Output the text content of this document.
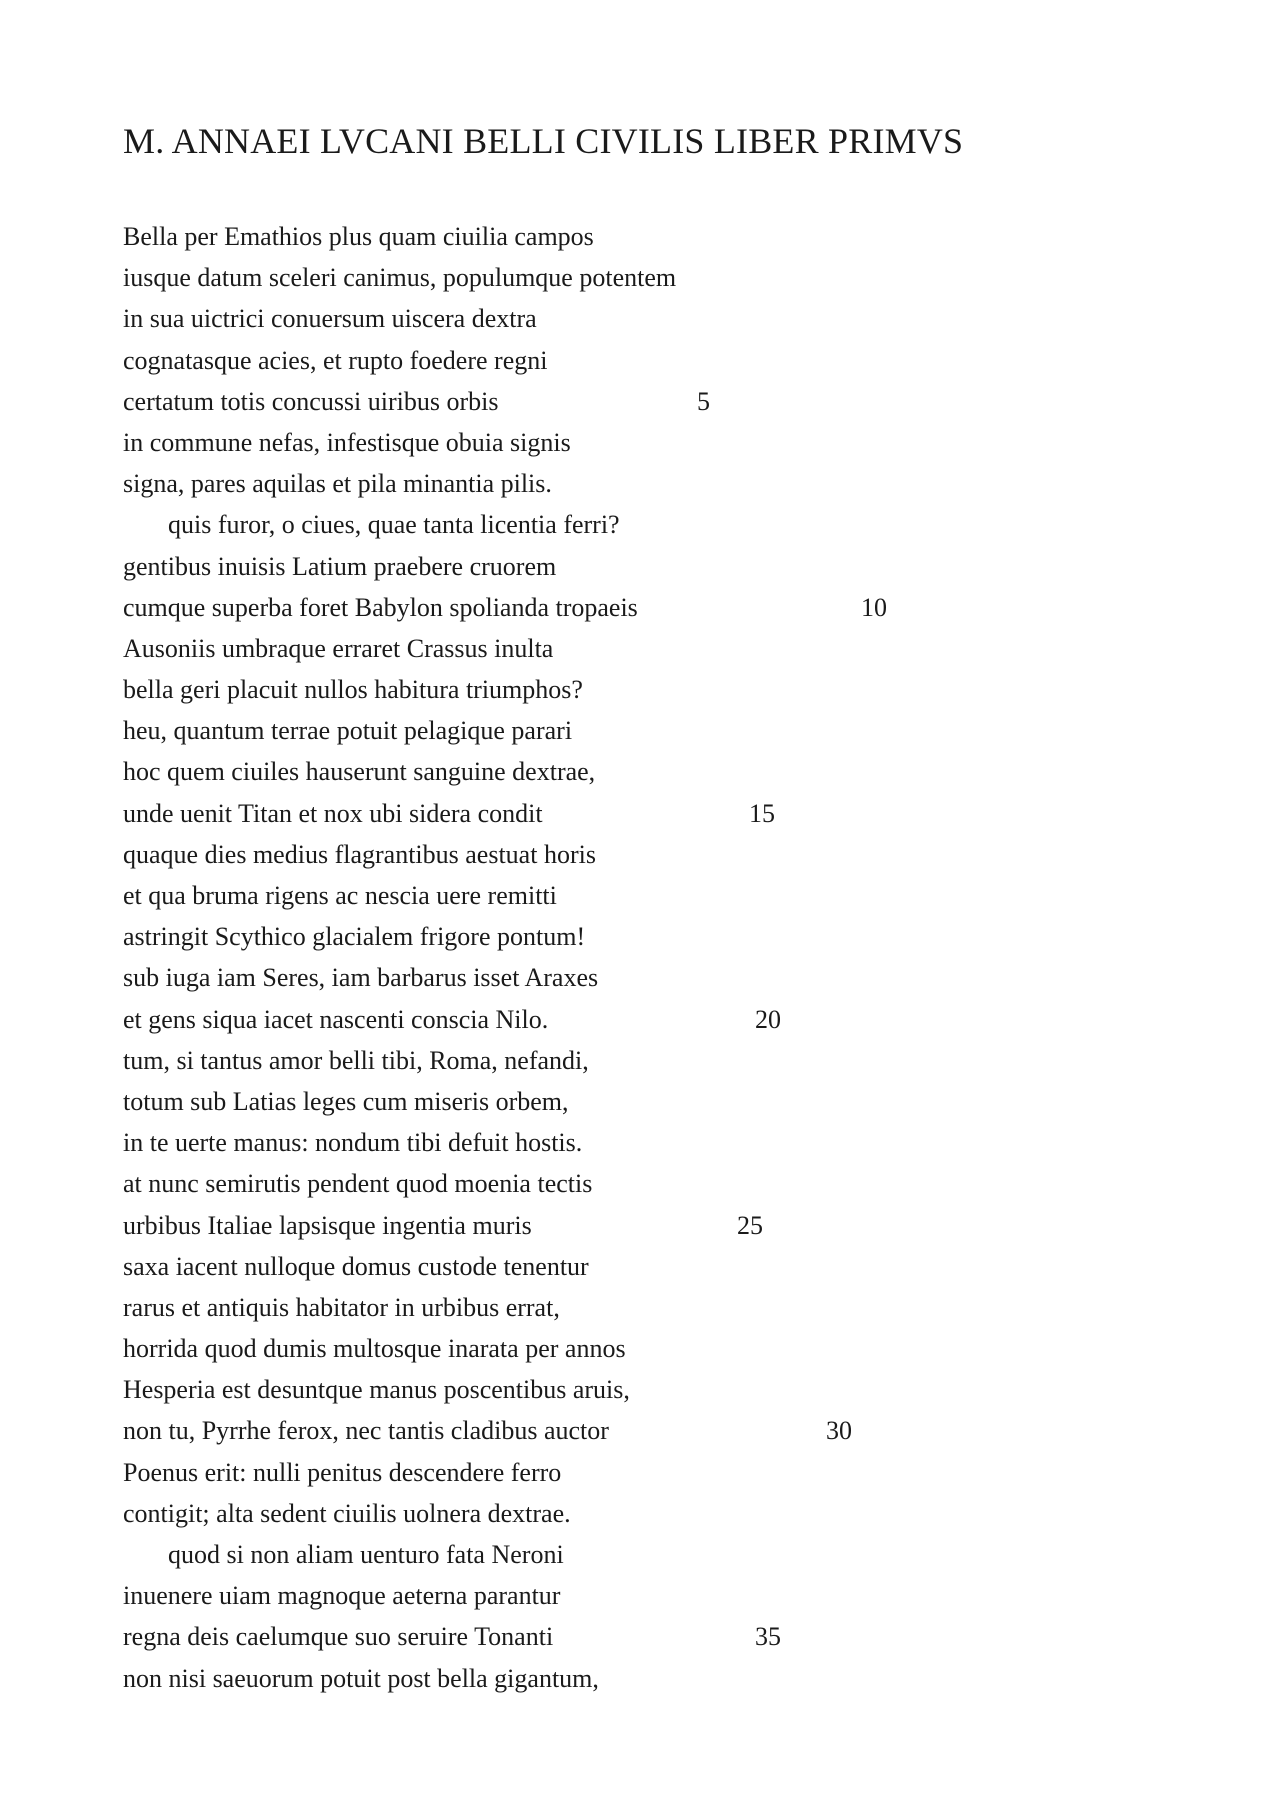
M. ANNAEI LVCANI BELLI CIVILIS LIBER PRIMVS
Bella per Emathios plus quam ciuilia campos
iusque datum sceleri canimus, populumque potentem
in sua uictrici conuersum uiscera dextra
cognatasque acies, et rupto foedere regni
certatum totis concussi uiribus orbis	5
in commune nefas, infestisque obuia signis
signa, pares aquilas et pila minantia pilis.
quis furor, o ciues, quae tanta licentia ferri?
gentibus inuisis Latium praebere cruorem
cumque superba foret Babylon spolianda tropaeis	10
Ausoniis umbraque erraret Crassus inulta
bella geri placuit nullos habitura triumphos?
heu, quantum terrae potuit pelagique parari
hoc quem ciuiles hauserunt sanguine dextrae,
unde uenit Titan et nox ubi sidera condit	15
quaque dies medius flagrantibus aestuat horis
et qua bruma rigens ac nescia uere remitti
astringit Scythico glacialem frigore pontum!
sub iuga iam Seres, iam barbarus isset Araxes
et gens siqua iacet nascenti conscia Nilo.	20
tum, si tantus amor belli tibi, Roma, nefandi,
totum sub Latias leges cum miseris orbem,
in te uerte manus: nondum tibi defuit hostis.
at nunc semirutis pendent quod moenia tectis
urbibus Italiae lapsisque ingentia muris	25
saxa iacent nulloque domus custode tenentur
rarus et antiquis habitator in urbibus errat,
horrida quod dumis multosque inarata per annos
Hesperia est desuntque manus poscentibus aruis,
non tu, Pyrrhe ferox, nec tantis cladibus auctor	30
Poenus erit: nulli penitus descendere ferro
contigit; alta sedent ciuilis uolnera dextrae.
quod si non aliam uenturo fata Neroni
inuenere uiam magnoque aeterna parantur
regna deis caelumque suo seruire Tonanti	35
non nisi saeuorum potuit post bella gigantum,
